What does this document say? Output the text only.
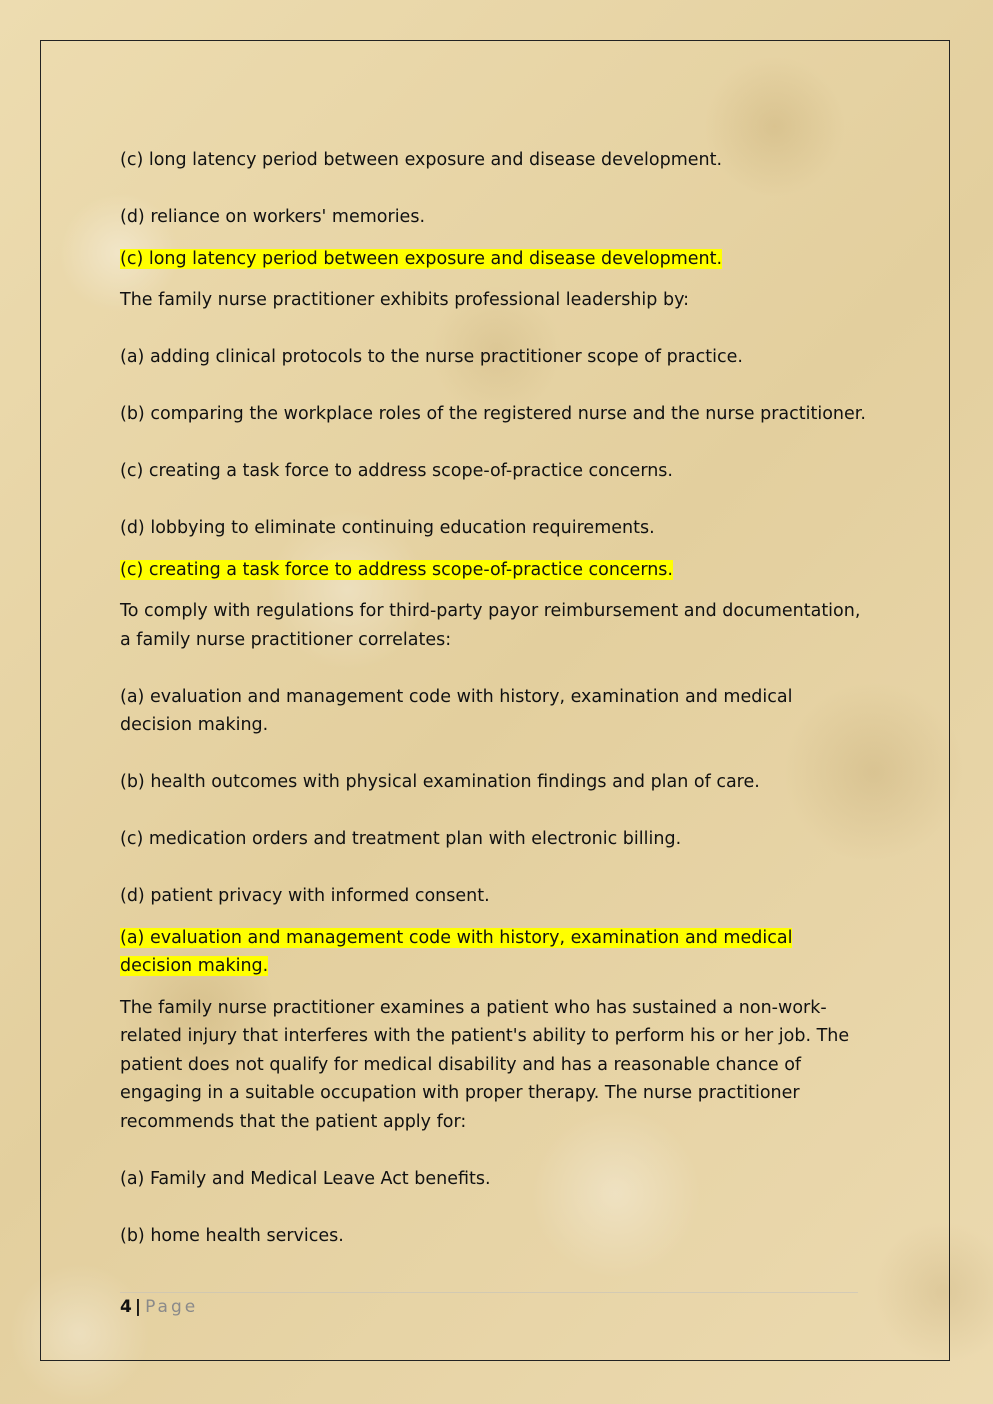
(c) long latency period between exposure and disease development.

(d) reliance on workers' memories.

(c) long latency period between exposure and disease development.

The family nurse practitioner exhibits professional leadership by:

(a) adding clinical protocols to the nurse practitioner scope of practice.

(b) comparing the workplace roles of the registered nurse and the nurse practitioner.

(c) creating a task force to address scope-of-practice concerns.

(d) lobbying to eliminate continuing education requirements.

(c) creating a task force to address scope-of-practice concerns.

To comply with regulations for third-party payor reimbursement and documentation, a family nurse practitioner correlates:

(a) evaluation and management code with history, examination and medical decision making.

(b) health outcomes with physical examination findings and plan of care.

(c) medication orders and treatment plan with electronic billing.

(d) patient privacy with informed consent.

(a) evaluation and management code with history, examination and medical decision making.

The family nurse practitioner examines a patient who has sustained a non-work-related injury that interferes with the patient's ability to perform his or her job. The patient does not qualify for medical disability and has a reasonable chance of engaging in a suitable occupation with proper therapy. The nurse practitioner recommends that the patient apply for:

(a) Family and Medical Leave Act benefits.

(b) home health services.

4 | Page
